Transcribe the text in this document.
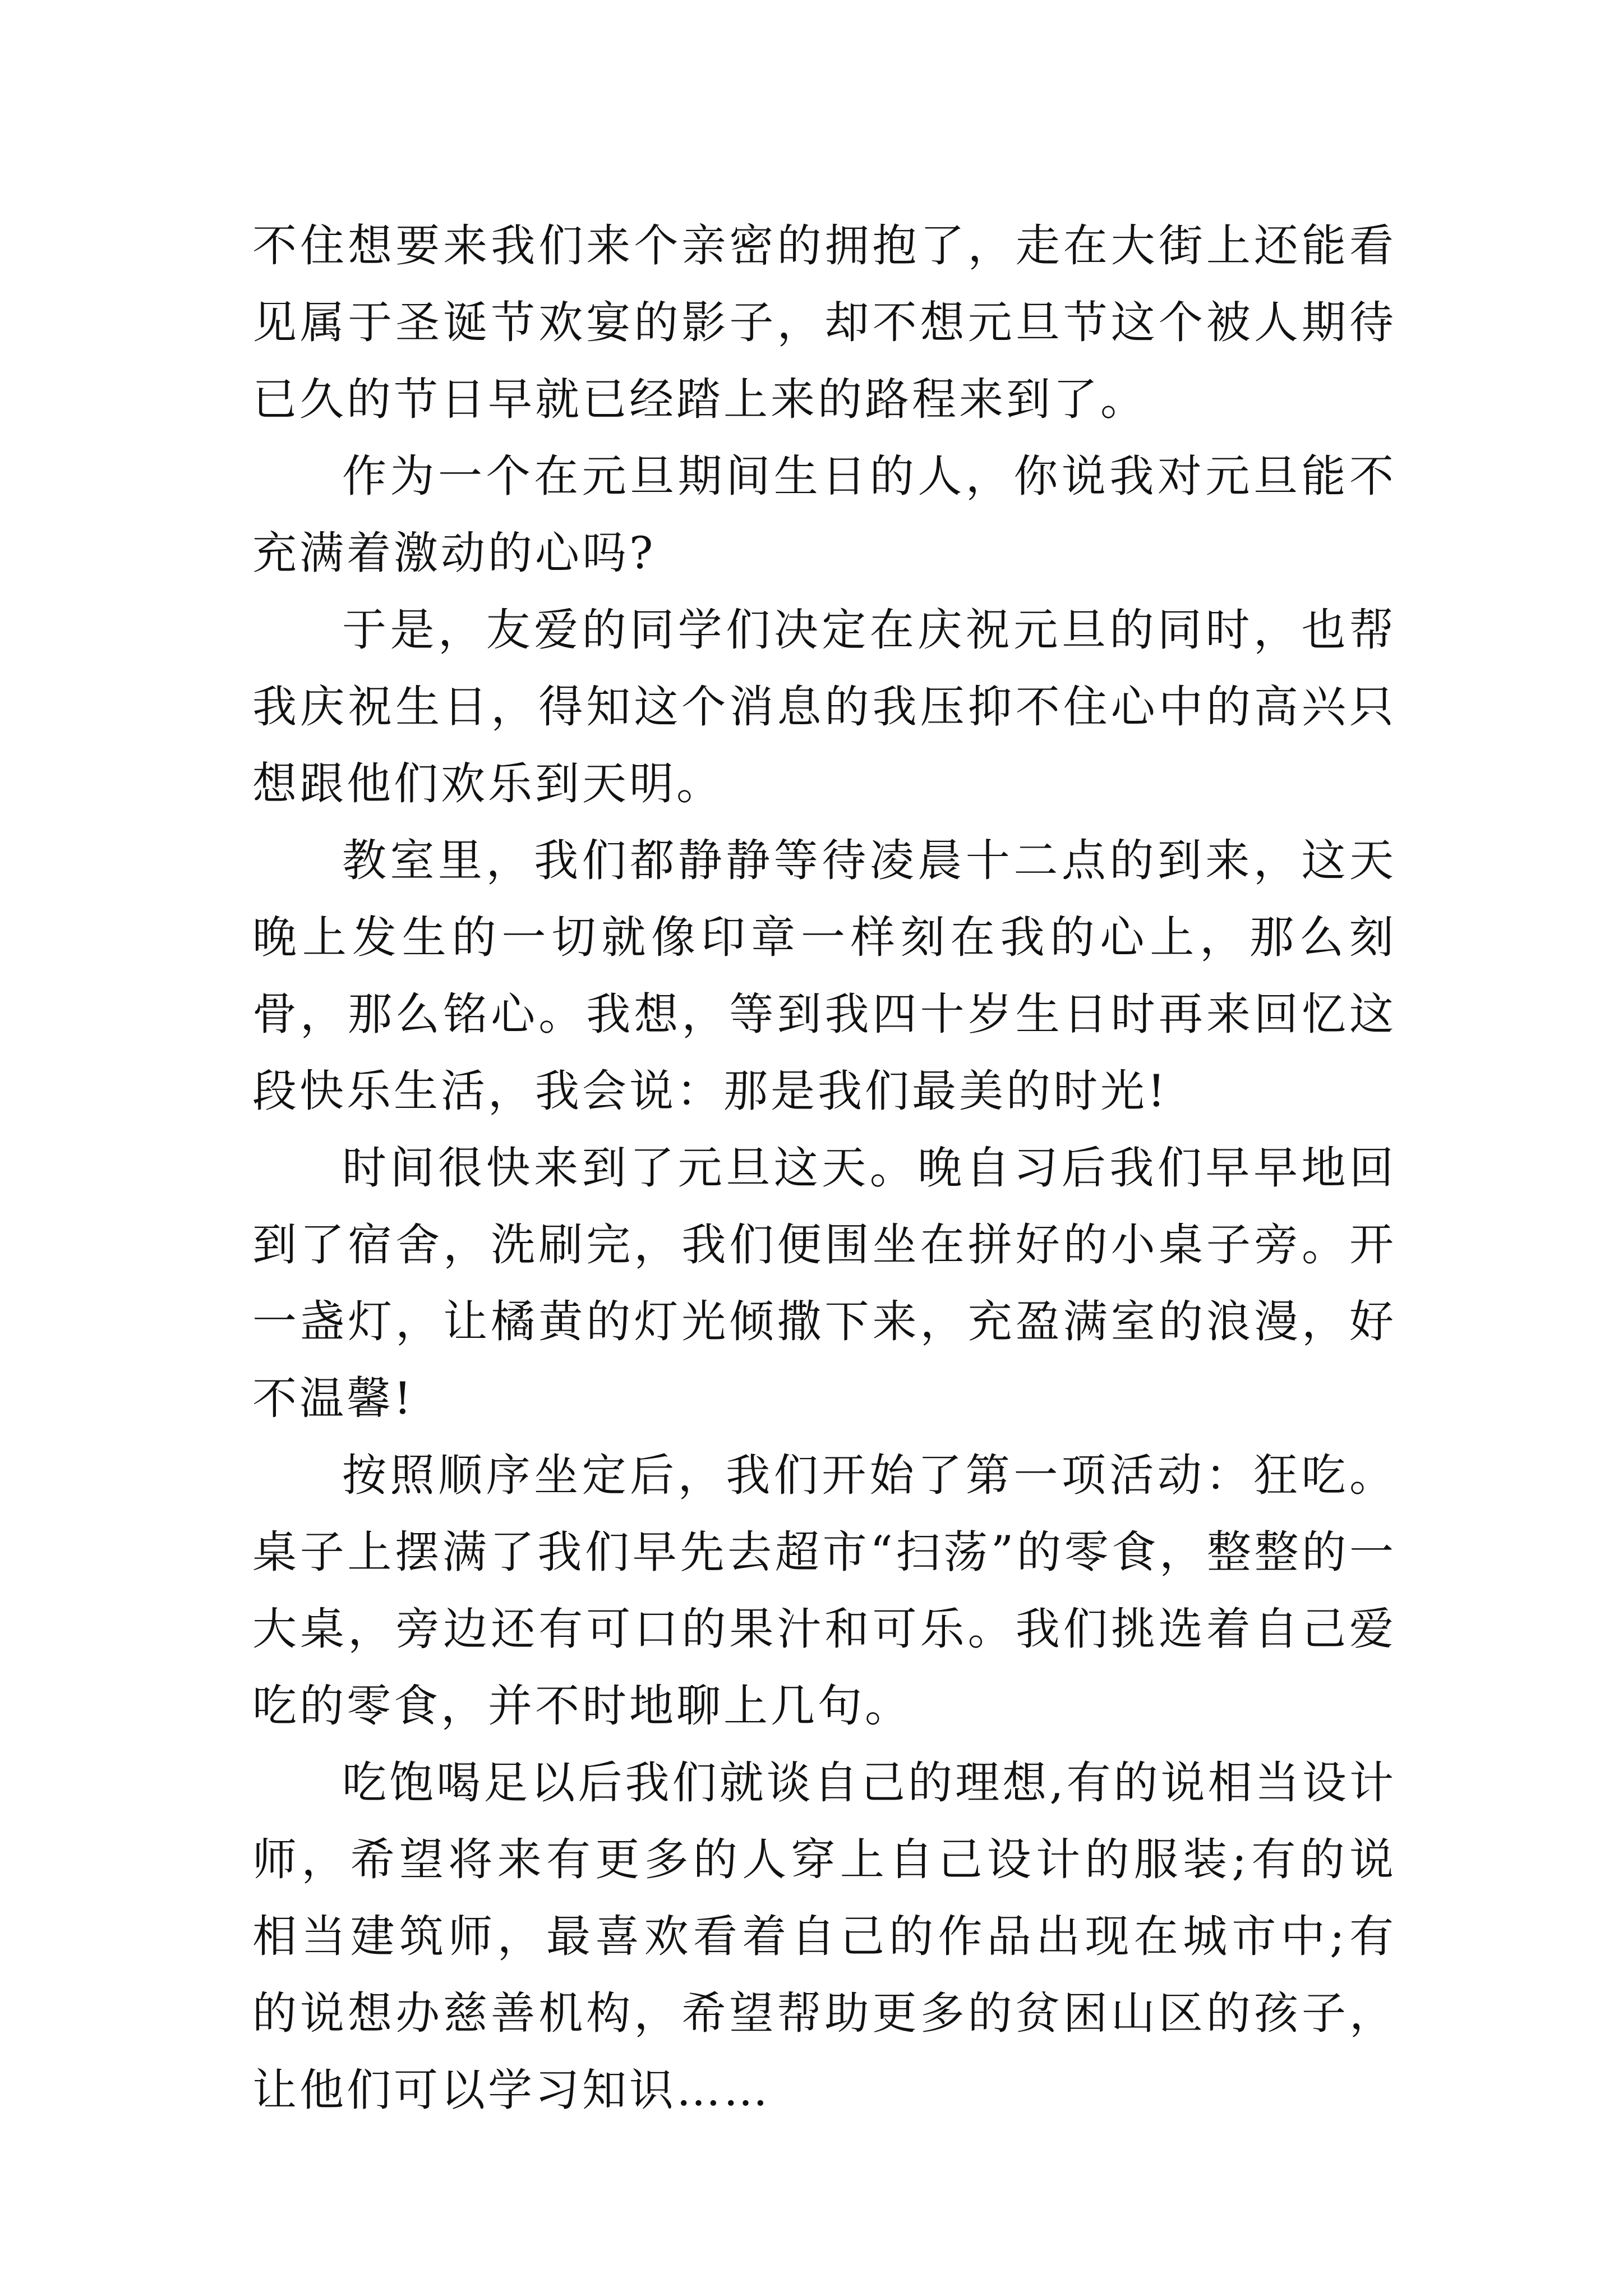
不住想要来我们来个亲密的拥抱了，走在大街上还能看见属于圣诞节欢宴的影子，却不想元旦节这个被人期待已久的节日早就已经踏上来的路程来到了。

作为一个在元旦期间生日的人，你说我对元旦能不充满着激动的心吗?

于是，友爱的同学们决定在庆祝元旦的同时，也帮我庆祝生日，得知这个消息的我压抑不住心中的高兴只想跟他们欢乐到天明。

教室里，我们都静静等待凌晨十二点的到来，这天晚上发生的一切就像印章一样刻在我的心上，那么刻骨，那么铭心。我想，等到我四十岁生日时再来回忆这段快乐生活，我会说：那是我们最美的时光!

时间很快来到了元旦这天。晚自习后我们早早地回到了宿舍，洗刷完，我们便围坐在拼好的小桌子旁。开一盏灯，让橘黄的灯光倾撒下来，充盈满室的浪漫，好不温馨!

按照顺序坐定后，我们开始了第一项活动：狂吃。桌子上摆满了我们早先去超市“扫荡”的零食，整整的一大桌，旁边还有可口的果汁和可乐。我们挑选着自己爱吃的零食，并不时地聊上几句。

吃饱喝足以后我们就谈自己的理想,有的说相当设计师，希望将来有更多的人穿上自己设计的服装;有的说相当建筑师，最喜欢看着自己的作品出现在城市中;有的说想办慈善机构，希望帮助更多的贫困山区的孩子，让他们可以学习知识……
